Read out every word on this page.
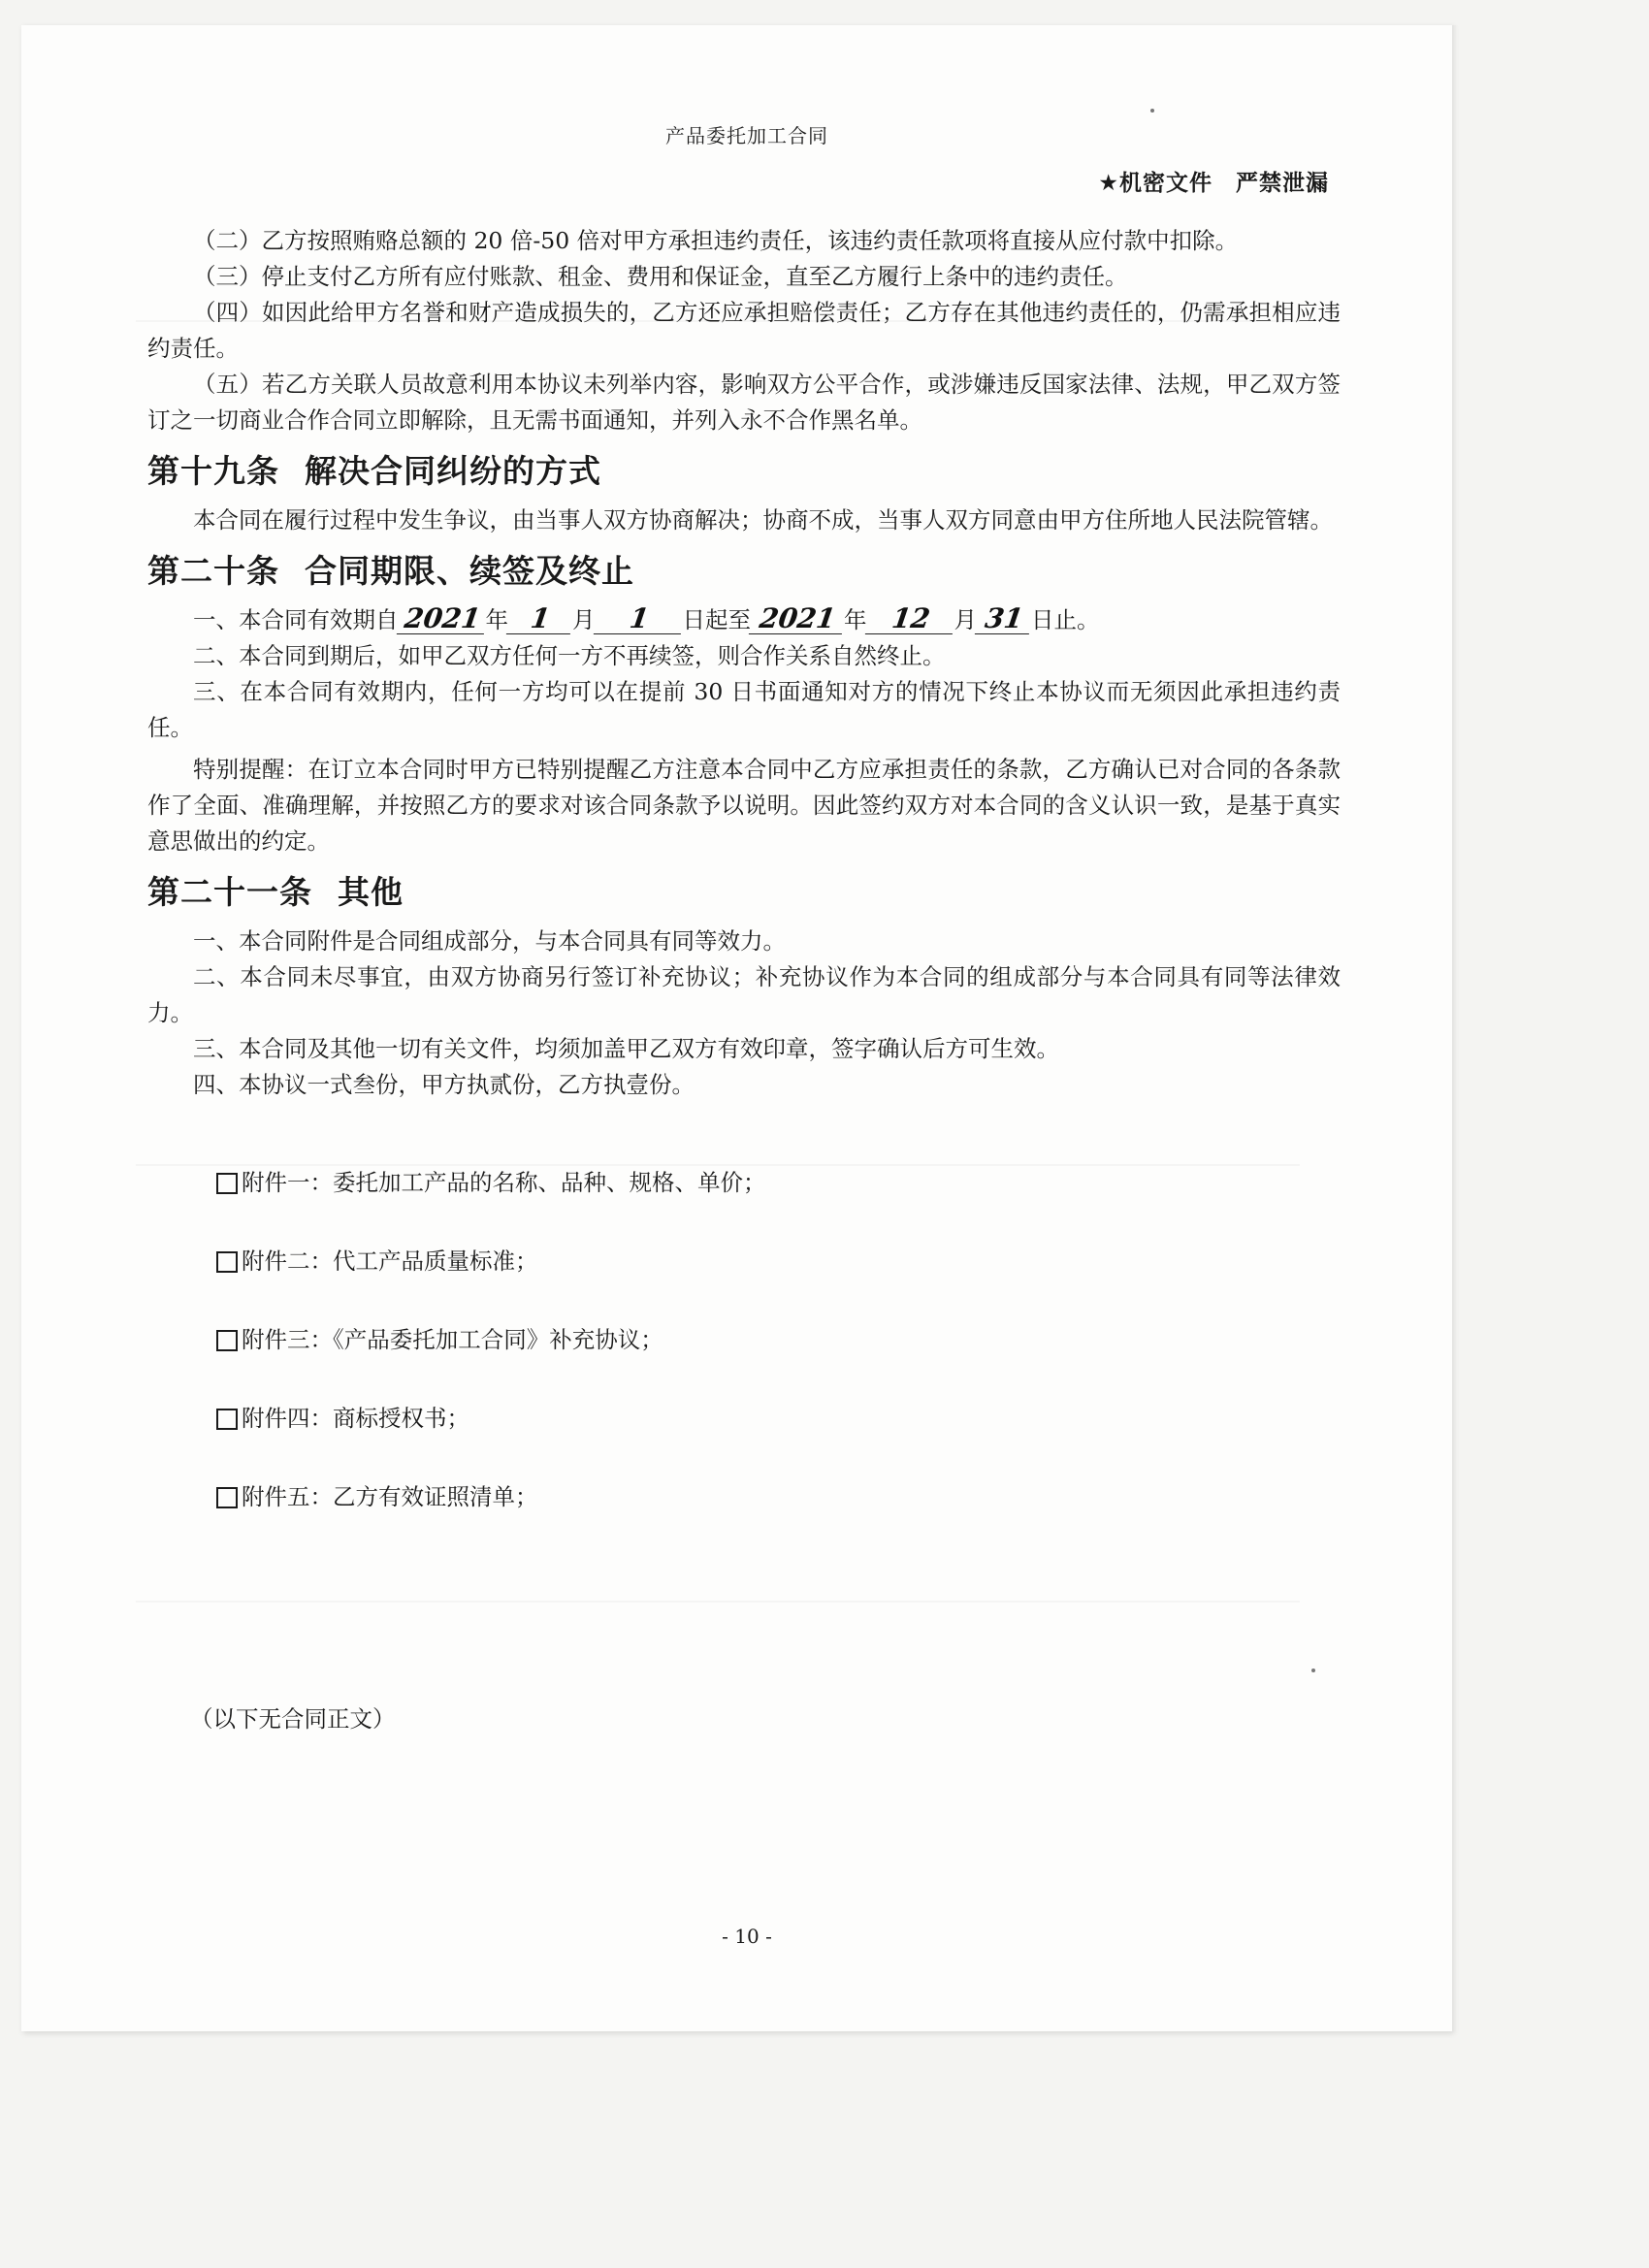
产品委托加工合同
★机密文件　严禁泄漏

（二）乙方按照贿赂总额的 20 倍-50 倍对甲方承担违约责任，该违约责任款项将直接从应付款中扣除。

（三）停止支付乙方所有应付账款、租金、费用和保证金，直至乙方履行上条中的违约责任。

（四）如因此给甲方名誉和财产造成损失的，乙方还应承担赔偿责任；乙方存在其他违约责任的，仍需承担相应违约责任。

（五）若乙方关联人员故意利用本协议未列举内容，影响双方公平合作，或涉嫌违反国家法律、法规，甲乙双方签订之一切商业合作合同立即解除，且无需书面通知，并列入永不合作黑名单。

第十九条 解决合同纠纷的方式

本合同在履行过程中发生争议，由当事人双方协商解决；协商不成，当事人双方同意由甲方住所地人民法院管辖。

第二十条 合同期限、续签及终止

一、本合同有效期自 2021 年 1 月 1 日起至 2021 年 12 月 31 日止。

二、本合同到期后，如甲乙双方任何一方不再续签，则合作关系自然终止。

三、在本合同有效期内，任何一方均可以在提前 30 日书面通知对方的情况下终止本协议而无须因此承担违约责任。

特别提醒：在订立本合同时甲方已特别提醒乙方注意本合同中乙方应承担责任的条款，乙方确认已对合同的各条款作了全面、准确理解，并按照乙方的要求对该合同条款予以说明。因此签约双方对本合同的含义认识一致，是基于真实意思做出的约定。

第二十一条 其他

一、本合同附件是合同组成部分，与本合同具有同等效力。

二、本合同未尽事宜，由双方协商另行签订补充协议；补充协议作为本合同的组成部分与本合同具有同等法律效力。

三、本合同及其他一切有关文件，均须加盖甲乙双方有效印章，签字确认后方可生效。

四、本协议一式叁份，甲方执贰份，乙方执壹份。

附件一：委托加工产品的名称、品种、规格、单价；
附件二：代工产品质量标准；
附件三：《产品委托加工合同》补充协议；
附件四：商标授权书；
附件五：乙方有效证照清单；
（以下无合同正文）
- 10 -
